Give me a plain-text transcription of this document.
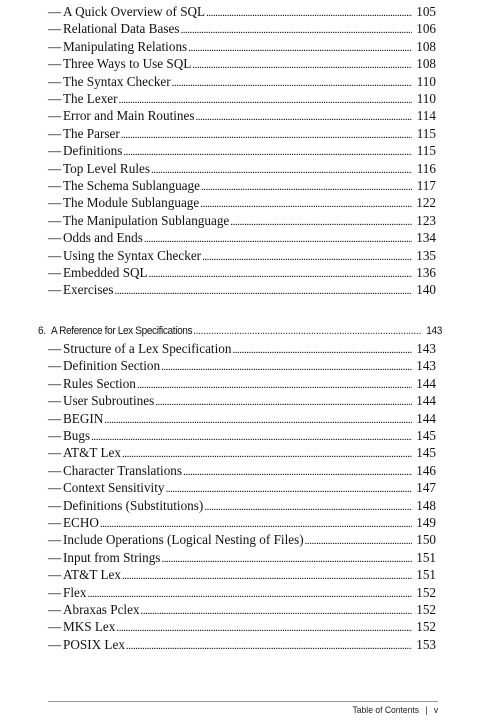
— A Quick Overview of SQL . . .	105
— Relational Data Bases . . .	106
— Manipulating Relations . . .	108
— Three Ways to Use SQL . . .	108
— The Syntax Checker . . .	110
— The Lexer . . .	110
— Error and Main Routines . . .	114
— The Parser . . .	115
— Definitions . . .	115
— Top Level Rules . . .	116
— The Schema Sublanguage . . .	117
— The Module Sublanguage . . .	122
— The Manipulation Sublanguage . . .	123
— Odds and Ends . . .	134
— Using the Syntax Checker . . .	135
— Embedded SQL . . .	136
— Exercises . . .	140
6. A Reference for Lex Specifications . . .	143
— Structure of a Lex Specification . . .	143
— Definition Section . . .	143
— Rules Section . . .	144
— User Subroutines . . .	144
— BEGIN . . .	144
— Bugs . . .	145
— AT&T Lex . . .	145
— Character Translations . . .	146
— Context Sensitivity . . .	147
— Definitions (Substitutions) . . .	148
— ECHO . . .	149
— Include Operations (Logical Nesting of Files) . . .	150
— Input from Strings . . .	151
— AT&T Lex . . .	151
— Flex . . .	152
— Abraxas Pclex . . .	152
— MKS Lex . . .	152
— POSIX Lex . . .	153
Table of Contents | v
